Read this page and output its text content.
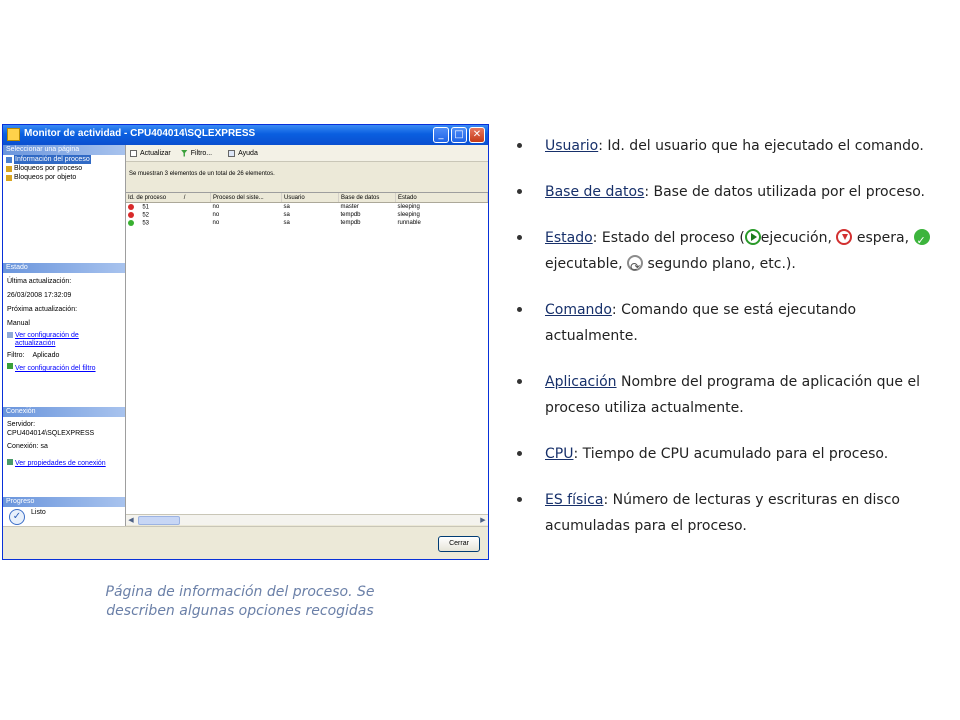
Monitor de actividad - CPU404014\SQLEXPRESS	_	□ ✕
Seleccionar una página
Información del proceso
Bloqueos por proceso
Bloqueos por objeto
Estado
Última actualización:
26/03/2008 17:32:09
Próxima actualización:
Manual
Ver configuración de actualización
Filtro: Aplicado
Ver configuración del filtro
Conexión
Servidor:
CPU404014\SQLEXPRESS
Conexión: sa
Ver propiedades de conexión
Progreso
✓	Listo
Actualizar	Filtro...	Ayuda
Se muestran 3 elementos de un total de 26 elementos.
Id. de proceso /	Proceso del siste...	Usuario	Base de datos	Estado
51	no	sa	master	sleeping
52	no	sa	tempdb	sleeping
53	no	sa	tempdb	runnable
◀	▶
Cerrar
Página de información del proceso. Se
describen algunas opciones recogidas
Usuario: Id. del usuario que ha ejecutado el comando.
Base de datos: Base de datos utilizada por el proceso.
Estado: Estado del proceso ( ejecución, espera, ✓ ejecutable, ⟳ segundo plano, etc.).
Comando: Comando que se está ejecutando actualmente.
Aplicación Nombre del programa de aplicación que el proceso utiliza actualmente.
CPU: Tiempo de CPU acumulado para el proceso.
ES física: Número de lecturas y escrituras en disco acumuladas para el proceso.
